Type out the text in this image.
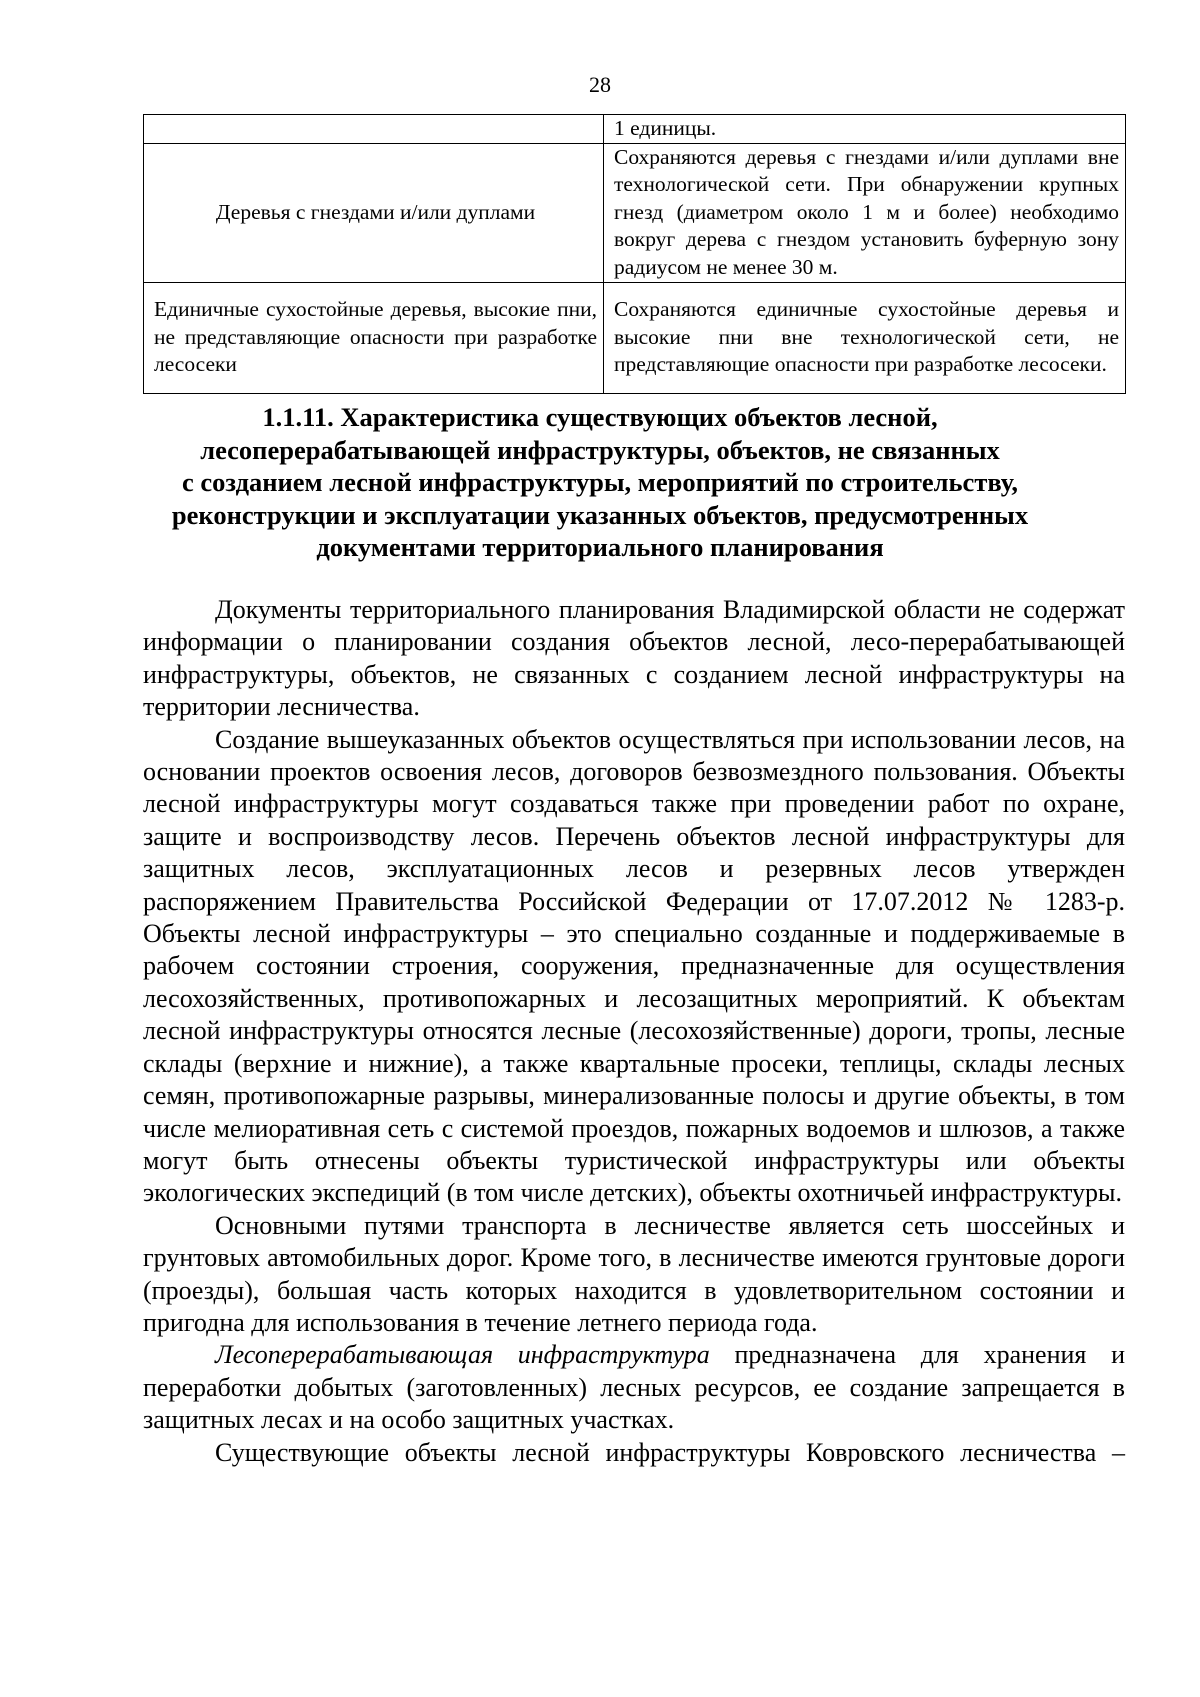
28
	1 единицы.
Деревья с гнездами и/или дуплами	Сохраняются деревья с гнездами и/или дуплами вне технологической сети. При обнаружении крупных гнезд (диаметром около 1 м и более) необходимо вокруг дерева с гнездом установить буферную зону радиусом не менее 30 м.
Единичные сухостойные деревья, высокие пни, не представляющие опасности при разработке лесосеки	Сохраняются единичные сухостойные деревья и высокие пни вне технологической сети, не представляющие опасности при разработке лесосеки.
1.1.11. Характеристика существующих объектов лесной,
лесоперерабатывающей инфраструктуры, объектов, не связанных
с созданием лесной инфраструктуры, мероприятий по строительству,
реконструкции и эксплуатации указанных объектов, предусмотренных
документами территориального планирования

Документы территориального планирования Владимирской области не содержат информации о планировании создания объектов лесной, лесо-перерабатывающей инфраструктуры, объектов, не связанных с созданием лесной инфраструктуры на территории лесничества.

Создание вышеуказанных объектов осуществляться при использовании лесов, на основании проектов освоения лесов, договоров безвозмездного пользования. Объекты лесной инфраструктуры могут создаваться также при проведении работ по охране, защите и воспроизводству лесов. Перечень объектов лесной инфраструктуры для защитных лесов, эксплуатационных лесов и резервных лесов утвержден распоряжением Правительства Российской Федерации от 17.07.2012 № 1283-р. Объекты лесной инфраструктуры – это специально созданные и поддерживаемые в рабочем состоянии строения, сооружения, предназначенные для осуществления лесохозяйственных, противопожарных и лесозащитных мероприятий. К объектам лесной инфраструктуры относятся лесные (лесохозяйственные) дороги, тропы, лесные склады (верхние и нижние), а также квартальные просеки, теплицы, склады лесных семян, противопожарные разрывы, минерализованные полосы и другие объекты, в том числе мелиоративная сеть с системой проездов, пожарных водоемов и шлюзов, а также могут быть отнесены объекты туристической инфраструктуры или объекты экологических экспедиций (в том числе детских), объекты охотничьей инфраструктуры.

Основными путями транспорта в лесничестве является сеть шоссейных и грунтовых автомобильных дорог. Кроме того, в лесничестве имеются грунтовые дороги (проезды), большая часть которых находится в удовлетворительном состоянии и пригодна для использования в течение летнего периода года.

Лесоперерабатывающая инфраструктура предназначена для хранения и переработки добытых (заготовленных) лесных ресурсов, ее создание запрещается в защитных лесах и на особо защитных участках.

Существующие объекты лесной инфраструктуры Ковровского лесничества –
